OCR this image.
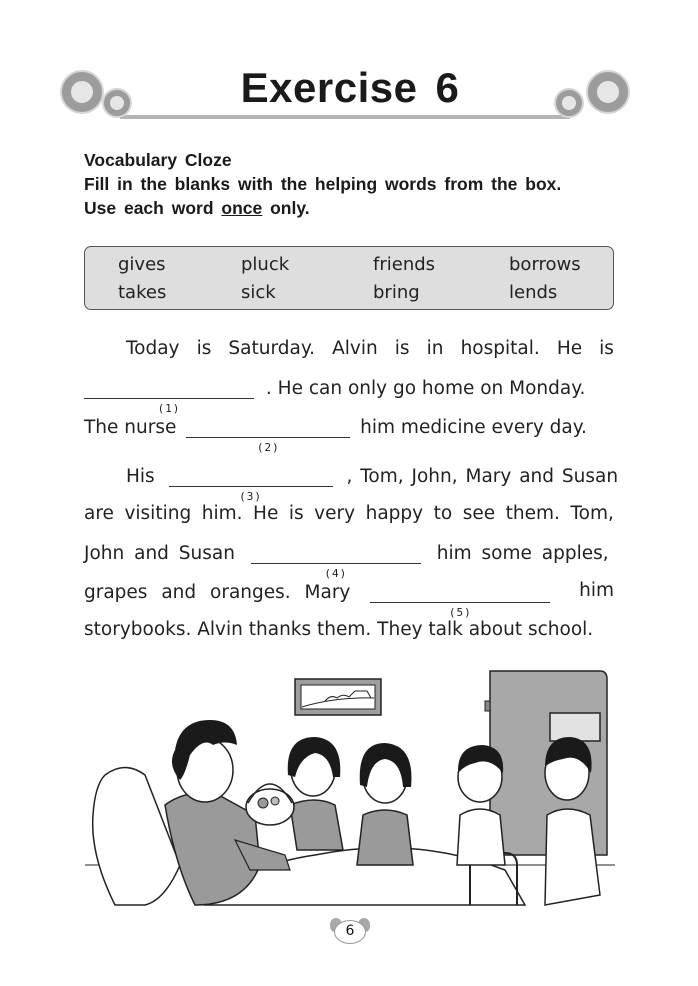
Exercise 6
Vocabulary Cloze
Fill in the blanks with the helping words from the box.
Use each word once only.
gives	pluck	friends	borrows
takes	sick	bring	lends
Today is Saturday. Alvin is in hospital. He is
(1)
. He can only go home on Monday.
The nurse
(2)
him medicine every day.
His
(3)
, Tom, John, Mary and Susan
are visiting him. He is very happy to see them. Tom,
John and Susan
(4)
him some apples,
grapes and oranges. Mary
(5)
him
storybooks. Alvin thanks them. They talk about school.
6
